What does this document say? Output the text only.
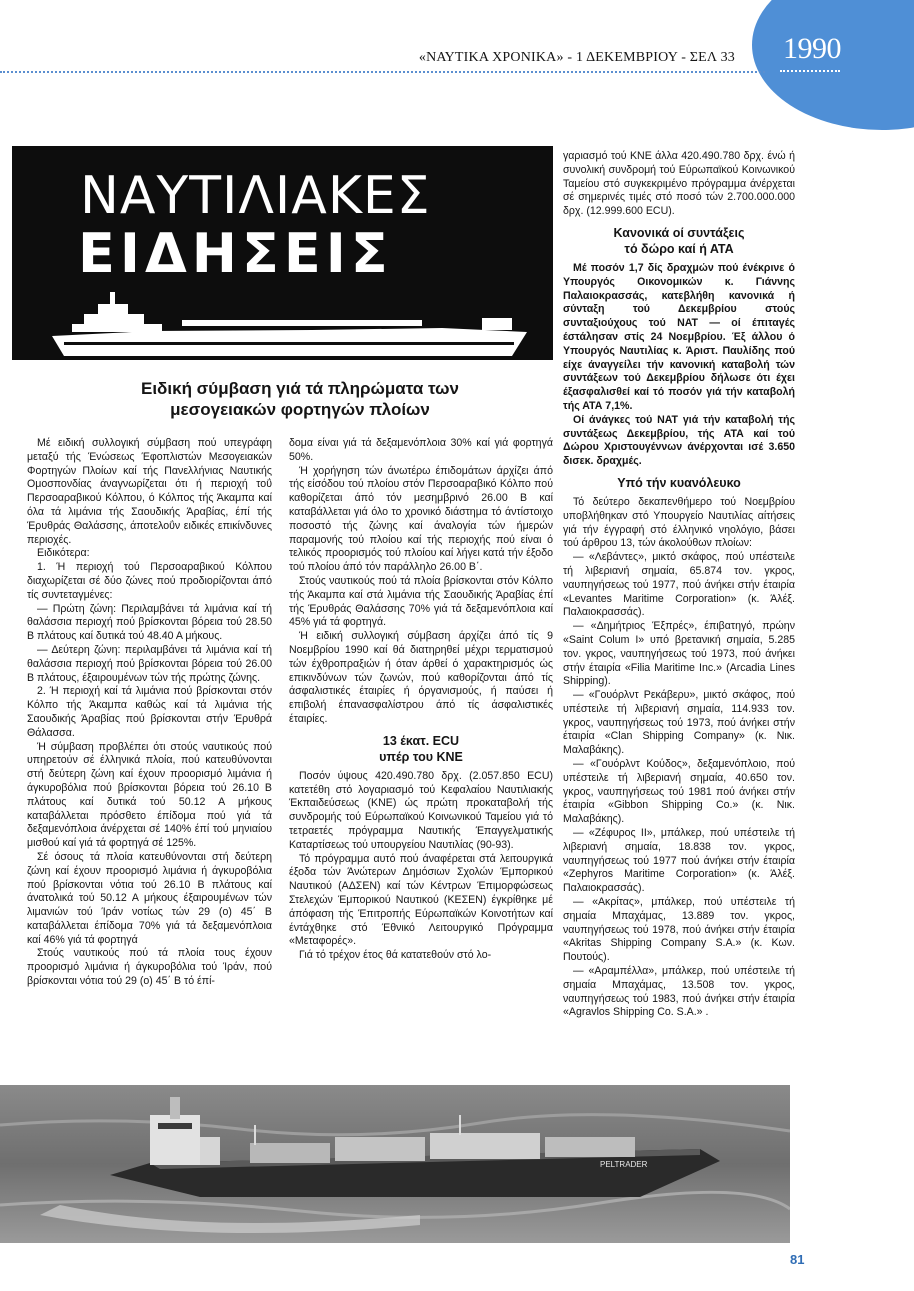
1990
«ΝΑΥΤΙΚΑ ΧΡΟΝΙΚΑ» - 1 ΔΕΚΕΜΒΡΙΟΥ - ΣΕΛ 33
ΝΑΥΤΙΛΙΑΚΕΣ
ΕΙΔΗΣΕΙΣ
Ειδική σύμβαση γιά τά πληρώματα των μεσογειακών φορτηγών πλοίων

Μέ ειδική συλλογική σύμβαση πού υπεγράφη μεταξύ τής Ένώσεως Έφοπλιστών Μεσογειακών Φορτηγών Πλοίων καί τής Πανελλήνιας Ναυτικής Ομοσπονδίας άναγνωρίζεται ότι ή περιοχή τοΰ Περσοαραβικού Κόλπου, ό Κόλπος τής Άκαμπα καί όλα τά λιμάνια τής Σαουδικής Άραβίας, έπί τής Έρυθράς Θαλάσσης, άποτελοΰν ειδικές επικίνδυνες περιοχές.

Ειδικότερα:

1. Ή περιοχή τού Περσοαραβικού Κόλπου διαχωρίζεται σέ δύο ζώνες πού προδιορίζονται άπό τίς συντεταγμένες:

— Πρώτη ζώνη: Περιλαμβάνει τά λιμάνια καί τή θαλάσσια περιοχή πού βρίσκονται βόρεια τού 28.50 Β πλάτους καί δυτικά τού 48.40 Α μήκους.

— Δεύτερη ζώνη: περιλαμβάνει τά λιμάνια καί τή θαλάσσια περιοχή πού βρίσκονται βόρεια τού 26.00 Β πλάτους, έξαιρουμένων τών τής πρώτης ζώνης.

2. Ή περιοχή καί τά λιμάνια πού βρίσκονται στόν Κόλπο τής Άκαμπα καθώς καί τά λιμάνια τής Σαουδικής Άραβίας πού βρίσκονται στήν Έρυθρά Θάλασσα.

Ή σύμβαση προβλέπει ότι στούς ναυτικούς πού υπηρετούν σέ έλληνικά πλοία, πού κατευθύνονται στή δεύτερη ζώνη καί έχουν προορισμό λιμάνια ή άγκυροβόλια πού βρίσκονται βόρεια τού 26.10 Β πλάτους καί δυτικά τού 50.12 Α μήκους καταβάλλεται πρόσθετο έπίδομα πού γιά τά δεξαμενόπλοια άνέρχεται σέ 140% έπί τού μηνιαίου μισθού καί γιά τά φορτηγά σέ 125%.

Σέ όσους τά πλοία κατευθύνονται στή δεύτερη ζώνη καί έχουν προορισμό λιμάνια ή άγκυροβόλια πού βρίσκονται νότια τού 26.10 Β πλάτους καί άνατολικά τού 50.12 Α μήκους έξαιρουμένων τών λιμανιών τού Ίράν νοτίως τών 29 (ο) 45΄ Β καταβάλλεται έπίδομα 70% γιά τά δεξαμενόπλοια καί 46% γιά τά φορτηγά

Στούς ναυτικούς πού τά πλοία τους έχουν προορισμό λιμάνια ή άγκυροβόλια τού Ίράν, πού βρίσκονται νότια τού 29 (ο) 45΄ Β τό έπί-

δομα είναι γιά τά δεξαμενόπλοια 30% καί γιά φορτηγά 50%.

Ή χορήγηση τών άνωτέρω έπιδομάτων άρχίζει άπό τής είσόδου τού πλοίου στόν Περσοαραβικό Κόλπο πού καθορίζεται άπό τόν μεσημβρινό 26.00 Β καί καταβάλλεται γιά όλο το χρονικό διάστημα τό άντίστοιχο ποσοστό τής ζώνης καί άναλογία τών ήμερών παραμονής τού πλοίου καί τής περιοχής πού είναι ό τελικός προορισμός τού πλοίου καί λήγει κατά τήν έξοδο τού πλοίου άπό τόν παράλληλο 26.00 Β΄.

Στούς ναυτικούς πού τά πλοία βρίσκονται στόν Κόλπο τής Άκαμπα καί στά λιμάνια τής Σαουδικής Άραβίας έπί τής Έρυθράς Θαλάσσης 70% γιά τά δεξαμενόπλοια καί 45% γιά τά φορτηγά.

Ή ειδική συλλογική σύμβαση άρχίζει άπό τίς 9 Νοεμβρίου 1990 καί θά διατηρηθεί μέχρι τερματισμού τών έχθροπραξιών ή όταν άρθεί ό χαρακτηρισμός ώς επικινδύνων τών ζωνών, πού καθορίζονται άπό τίς άσφαλιστικές έταιρίες ή όργανισμούς, ή παύσει ή επιβολή έπανασφαλίστρου άπό τίς άσφαλιστικές έταιρίες.

13 έκατ. ECU
υπέρ του ΚΝΕ

Ποσόν ύψους 420.490.780 δρχ. (2.057.850 ECU) κατετέθη στό λογαριασμό τού Κεφαλαίου Ναυτιλιακής Έκπαιδεύσεως (ΚΝΕ) ώς πρώτη προκαταβολή τής συνδρομής τού Εύρωπαϊκού Κοινωνικού Ταμείου γιά τό τετραετές πρόγραμμα Ναυτικής Έπαγγελματικής Καταρτίσεως τού υπουργείου Ναυτιλίας (90-93).

Τό πρόγραμμα αυτό πού άναφέρεται στά λειτουργικά έξοδα τών Άνώτερων Δημόσιων Σχολών Έμπορικού Ναυτικού (ΑΔΣΕΝ) καί τών Κέντρων Έπιμορφώσεως Στελεχών Έμπορικού Ναυτικού (ΚΕΣΕΝ) έγκρίθηκε μέ άπόφαση τής Έπιτροπής Εύρωπαϊκών Κοινοτήτων καί έντάχθηκε στό Έθνικό Λειτουργικό Πρόγραμμα «Μεταφορές».

Γιά τό τρέχον έτος θά κατατεθούν στό λο-

γαριασμό τού ΚΝΕ άλλα 420.490.780 δρχ. ένώ ή συνολική συνδρομή τού Εύρωπαϊκού Κοινωνικού Ταμείου στό συγκεκριμένο πρόγραμμα άνέρχεται σέ σημερινές τιμές στό ποσό τών 2.700.000.000 δρχ. (12.999.600 ECU).

Κανονικά οί συντάξεις
τό δώρο καί ή ΑΤΑ

Μέ ποσόν 1,7 δίς δραχμών πού ένέκρινε ό Υπουργός Οικονομικών κ. Γιάννης Παλαιοκρασσάς, κατεβλήθη κανονικά ή σύνταξη τού Δεκεμβρίου στούς συνταξιούχους τού ΝΑΤ — οί έπιταγές έστάλησαν στίς 24 Νοεμβρίου. Έξ άλλου ό Υπουργός Ναυτιλίας κ. Άριστ. Παυλίδης πού είχε άναγγείλει τήν κανονική καταβολή τών συντάξεων τού Δεκεμβρίου δήλωσε ότι έχει έξασφαλισθεί καί τό ποσόν γιά τήν καταβολή τής ΑΤΑ 7,1%.

Οί άνάγκες τού ΝΑΤ γιά τήν καταβολή τής συντάξεως Δεκεμβρίου, τής ΑΤΑ καί τού Δώρου Χριστουγέννων άνέρχονται ισέ 3.650 δισεκ. δραχμές.

Υπό τήν κυανόλευκο

Τό δεύτερο δεκαπενθήμερο τού Νοεμβρίου υποβλήθηκαν στό Υπουργείο Ναυτιλίας αίτήσεις γιά τήν έγγραφή στό έλληνικό νηολόγιο, βάσει τού άρθρου 13, τών άκολούθων πλοίων:

— «Λεβάντες», μικτό σκάφος, πού υπέστειλε τή λιβεριανή σημαία, 65.874 τον. γκρος, ναυπηγήσεως τού 1977, πού άνήκει στήν έταιρία «Levantes Maritime Corporation» (κ. Άλέξ. Παλαιοκρασσάς).

— «Δημήτριος Έξπρές», έπιβατηγό, πρώην «Saint Colum I» υπό βρετανική σημαία, 5.285 τον. γκρος, ναυπηγήσεως τού 1973, πού άνήκει στήν έταιρία «Filia Maritime Inc.» (Arcadia Lines Shipping).

— «Γουόρλντ Ρεκάβερυ», μικτό σκάφος, πού υπέστειλε τή λιβεριανή σημαία, 114.933 τον. γκρος, ναυπηγήσεως τού 1973, πού άνήκει στήν έταιρία «Clan Shipping Company» (κ. Νικ. Μαλαβάκης).

— «Γουόρλντ Κούδος», δεξαμενόπλοιο, πού υπέστειλε τή λιβεριανή σημαία, 40.650 τον. γκρος, ναυπηγήσεως τού 1981 πού άνήκει στήν έταιρία «Gibbon Shipping Co.» (κ. Νικ. Μαλαβάκης).

— «Ζέφυρος ΙΙ», μπάλκερ, πού υπέστειλε τή λιβεριανή σημαία, 18.838 τον. γκρος, ναυπηγήσεως τού 1977 πού άνήκει στήν έταιρία «Zephyros Maritime Corporation» (κ. Άλέξ. Παλαιοκρασσάς).

— «Ακρίτας», μπάλκερ, πού υπέστειλε τή σημαία Μπαχάμας, 13.889 τον. γκρος, ναυπηγήσεως τού 1978, πού άνήκει στήν έταιρία «Akritas Shipping Company S.A.» (κ. Κων. Πουτούς).

— «Αραμπέλλα», μπάλκερ, πού υπέστειλε τή σημαία Μπαχάμας, 13.508 τον. γκρος, ναυπηγήσεως τού 1983, πού άνήκει στήν έταιρία «Agravlos Shipping Co. S.A.» .

PELTRADER
81
